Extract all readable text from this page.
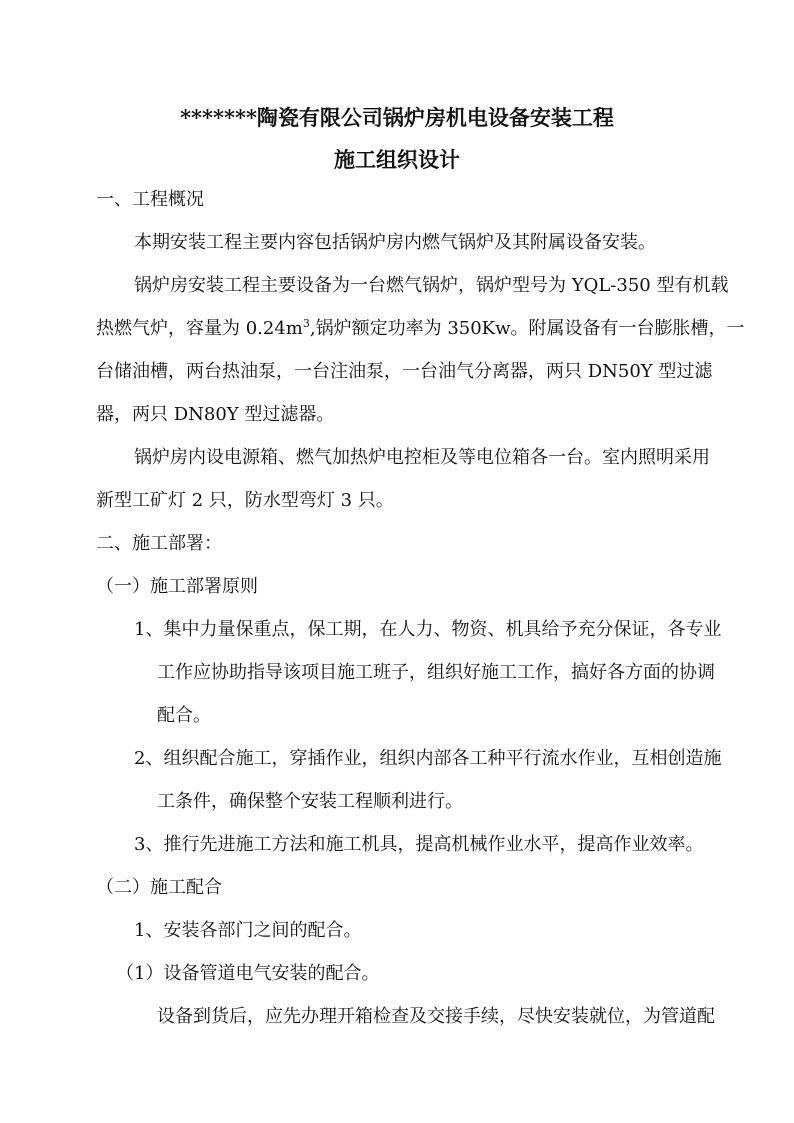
*******陶瓷有限公司锅炉房机电设备安装工程
施工组织设计
一、工程概况
本期安装工程主要内容包括锅炉房内燃气锅炉及其附属设备安装。
锅炉房安装工程主要设备为一台燃气锅炉，锅炉型号为 YQL-350 型有机载
热燃气炉，容量为 $0.24m^3$,锅炉额定功率为 350Kw。附属设备有一台膨胀槽，一
台储油槽，两台热油泵，一台注油泵，一台油气分离器，两只 DN50Y 型过滤
器，两只 DN80Y 型过滤器。
锅炉房内设电源箱、燃气加热炉电控柜及等电位箱各一台。室内照明采用
新型工矿灯 2 只，防水型弯灯 3 只。
二、施工部署：
（一）施工部署原则
1、集中力量保重点，保工期，在人力、物资、机具给予充分保证，各专业
工作应协助指导该项目施工班子，组织好施工工作，搞好各方面的协调
配合。
2、组织配合施工，穿插作业，组织内部各工种平行流水作业，互相创造施
工条件，确保整个安装工程顺利进行。
3、推行先进施工方法和施工机具，提高机械作业水平，提高作业效率。
（二）施工配合
1、安装各部门之间的配合。
（1）设备管道电气安装的配合。
设备到货后，应先办理开箱检查及交接手续，尽快安装就位，为管道配
